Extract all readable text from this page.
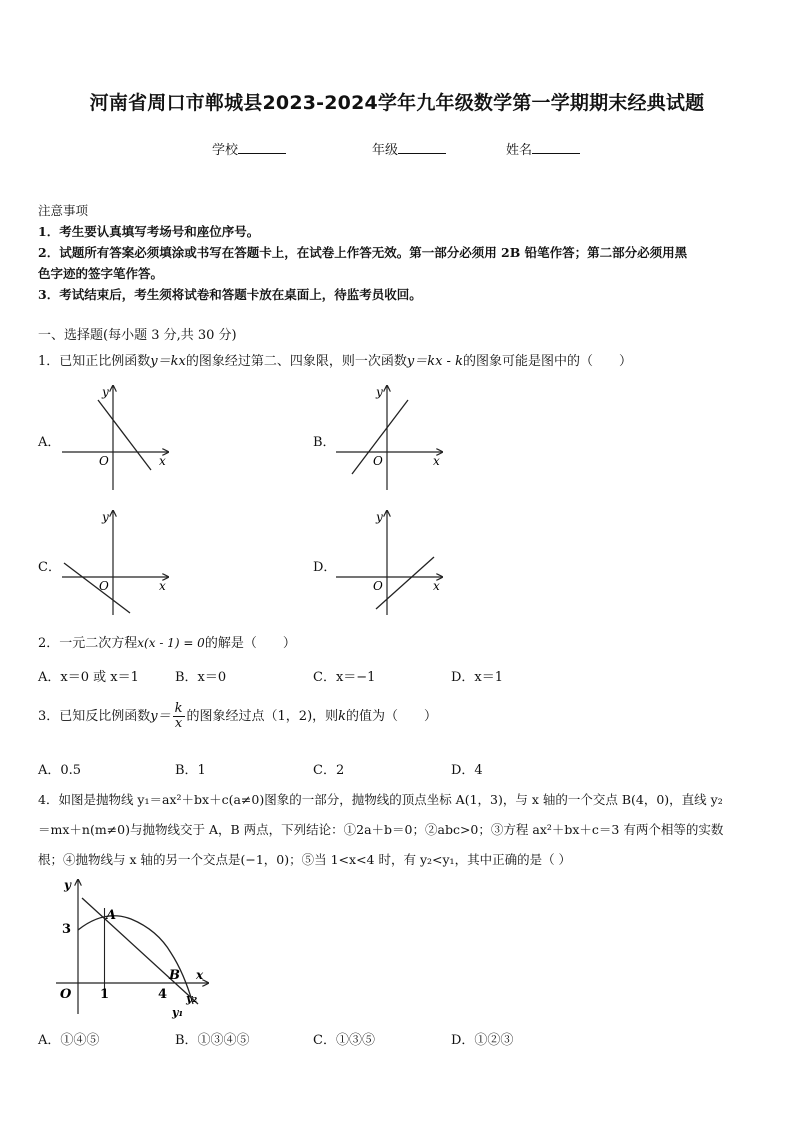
河南省周口市郸城县2023-2024学年九年级数学第一学期期末经典试题
学校	年级	姓名
注意事项
1．考生要认真填写考场号和座位序号。
2．试题所有答案必须填涂或书写在答题卡上，在试卷上作答无效。第一部分必须用 2B 铅笔作答；第二部分必须用黑
色字迹的签字笔作答。
3．考试结束后，考生须将试卷和答题卡放在桌面上，待监考员收回。
一、选择题(每小题 3 分,共 30 分)
1．已知正比例函数y＝kx的图象经过第二、四象限，则一次函数y＝kx - k的图象可能是图中的（　　）
A．	B．
C．	D．
x
y
O	x
y
O
x
y
O	x
y
O
2．一元二次方程x(x - 1) = 0的解是（　　）
A．x＝0 或 x＝1	B．x＝0	C．x＝−1	D．x＝1
3．已知反比例函数$y= \frac{k}{x}$ 的图象经过点（1，2)，则k的值为（　　）
A．0.5	B．1	C．2	D．4
4．如图是抛物线 y₁＝ax²＋bx＋c(a≠0)图象的一部分，抛物线的顶点坐标 A(1，3)，与 x 轴的一个交点 B(4，0)，直线 y₂
＝mx＋n(m≠0)与抛物线交于 A，B 两点，下列结论：①2a＋b＝0；②abc>0；③方程 ax²＋bx＋c＝3 有两个相等的实数
根；④抛物线与 x 轴的另一个交点是(−1，0)；⑤当 1<x<4 时，有 y₂<y₁，其中正确的是（ ）
y
x
O
3
1	4
A
B
y₁
y₂
A．①④⑤	B．①③④⑤	C．①③⑤	D．①②③
